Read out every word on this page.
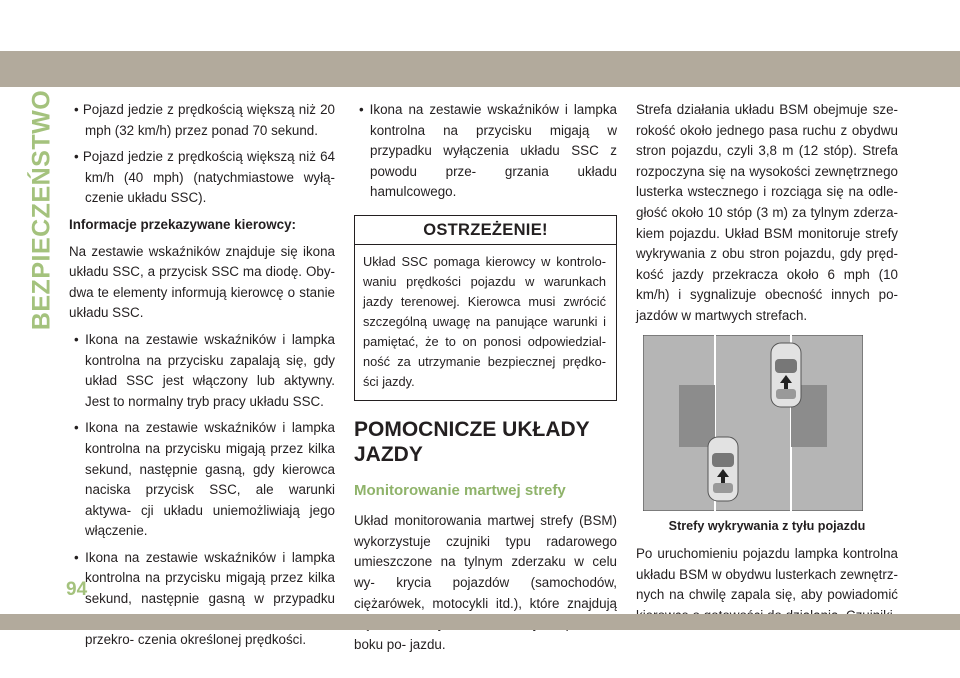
BEZPIECZEŃSTWO	• Pojazd jedzie z prędkością większą niż 20 mph (32 km/h) przez ponad 70 sekund.

• Pojazd jedzie z prędkością większą niż 64 km/h (40 mph) (natychmiastowe wyłą- czenie układu SSC).

Informacje przekazywane kierowcy:

Na zestawie wskaźników znajduje się ikona układu SSC, a przycisk SSC ma diodę. Oby- dwa te elementy informują kierowcę o stanie układu SSC.

• Ikona na zestawie wskaźników i lampka kontrolna na przycisku zapalają się, gdy układ SSC jest włączony lub aktywny. Jest to normalny tryb pracy układu SSC.

• Ikona na zestawie wskaźników i lampka kontrolna na przycisku migają przez kilka sekund, następnie gasną, gdy kierowca naciska przycisk SSC, ale warunki aktywa- cji układu uniemożliwiają jego włączenie.

• Ikona na zestawie wskaźników i lampka kontrolna na przycisku migają przez kilka sekund, następnie gasną w przypadku przekro- czenia określonej prędkości.

• Ikona na zestawie wskaźników i lampka kontrolna na przycisku migają w przypadku wyłączenia układu SSC z powodu prze- grzania układu hamulcowego.

OSTRZEŻENIE!
Układ SSC pomaga kierowcy w kontrolo- waniu prędkości pojazdu w warunkach jazdy terenowej. Kierowca musi zwrócić szczególną uwagę na panujące warunki i pamiętać, że to on ponosi odpowiedzial- ność za utrzymanie bezpiecznej prędko- ści jazdy.
POMOCNICZE UKŁADY JAZDY
Monitorowanie martwej strefy

Układ monitorowania martwej strefy (BSM) wykorzystuje czujniki typu radarowego umieszczone na tylnym zderzaku w celu wy- krycia pojazdów (samochodów, ciężarówek, motocykli itd.), które znajdują boku po- jazdu.

Strefa działania układu BSM obejmuje sze- rokość około jednego pasa ruchu z obydwu stron pojazdu, czyli 3,8 m (12 stóp). Strefa rozpoczyna się na wysokości zewnętrznego lusterka wstecznego i rozciąga się na odle- głość około 10 stóp (3 m) za tylnym zderza- kiem pojazdu. Układ BSM monitoruje strefy wykrywania z obu stron pojazdu, gdy pręd- kość jazdy przekracza około 6 mph (10 km/h) i sygnalizuje obecność innych po- jazdów w martwych strefach.

Strefy wykrywania z tyłu pojazdu

Po uruchomieniu pojazdu lampka kontrolna układu BSM w obydwu lusterkach zewnętrz- nych na chwilę zapala się, aby powiadomić

94
